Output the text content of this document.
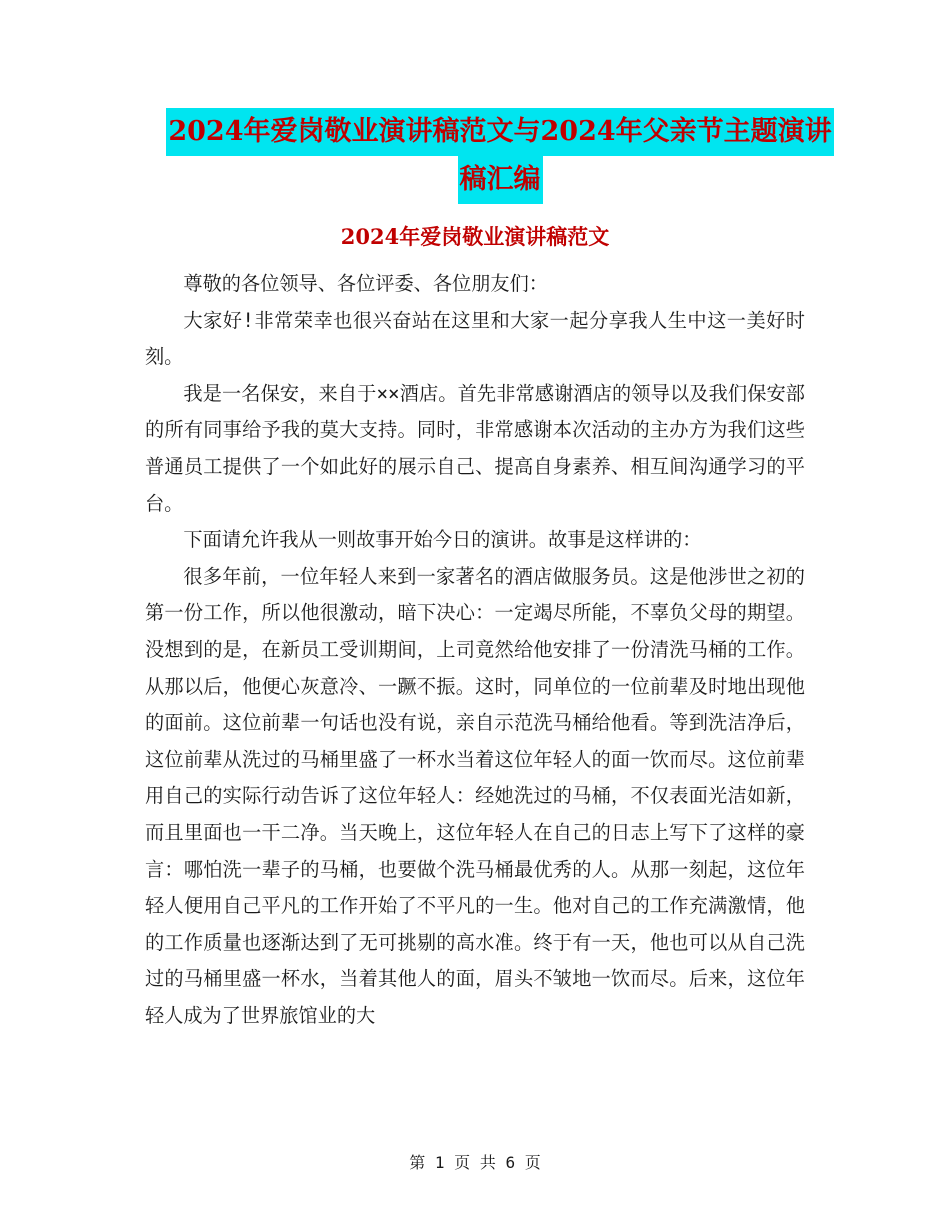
2024年爱岗敬业演讲稿范文与2024年父亲节主题演讲
稿汇编
2024年爱岗敬业演讲稿范文

尊敬的各位领导、各位评委、各位朋友们：

大家好!非常荣幸也很兴奋站在这里和大家一起分享我人生中这一美好时刻。

我是一名保安，来自于××酒店。首先非常感谢酒店的领导以及我们保安部的所有同事给予我的莫大支持。同时，非常感谢本次活动的主办方为我们这些普通员工提供了一个如此好的展示自己、提高自身素养、相互间沟通学习的平台。

下面请允许我从一则故事开始今日的演讲。故事是这样讲的：

很多年前，一位年轻人来到一家著名的酒店做服务员。这是他涉世之初的第一份工作，所以他很激动，暗下决心：一定竭尽所能，不辜负父母的期望。没想到的是，在新员工受训期间，上司竟然给他安排了一份清洗马桶的工作。从那以后，他便心灰意冷、一蹶不振。这时，同单位的一位前辈及时地出现他的面前。这位前辈一句话也没有说，亲自示范洗马桶给他看。等到洗洁净后，这位前辈从洗过的马桶里盛了一杯水当着这位年轻人的面一饮而尽。这位前辈用自己的实际行动告诉了这位年轻人：经她洗过的马桶，不仅表面光洁如新，而且里面也一干二净。当天晚上，这位年轻人在自己的日志上写下了这样的豪言：哪怕洗一辈子的马桶，也要做个洗马桶最优秀的人。从那一刻起，这位年轻人便用自己平凡的工作开始了不平凡的一生。他对自己的工作充满激情，他的工作质量也逐渐达到了无可挑剔的高水准。终于有一天，他也可以从自己洗过的马桶里盛一杯水，当着其他人的面，眉头不皱地一饮而尽。后来，这位年轻人成为了世界旅馆业的大

第 1 页 共 6 页
